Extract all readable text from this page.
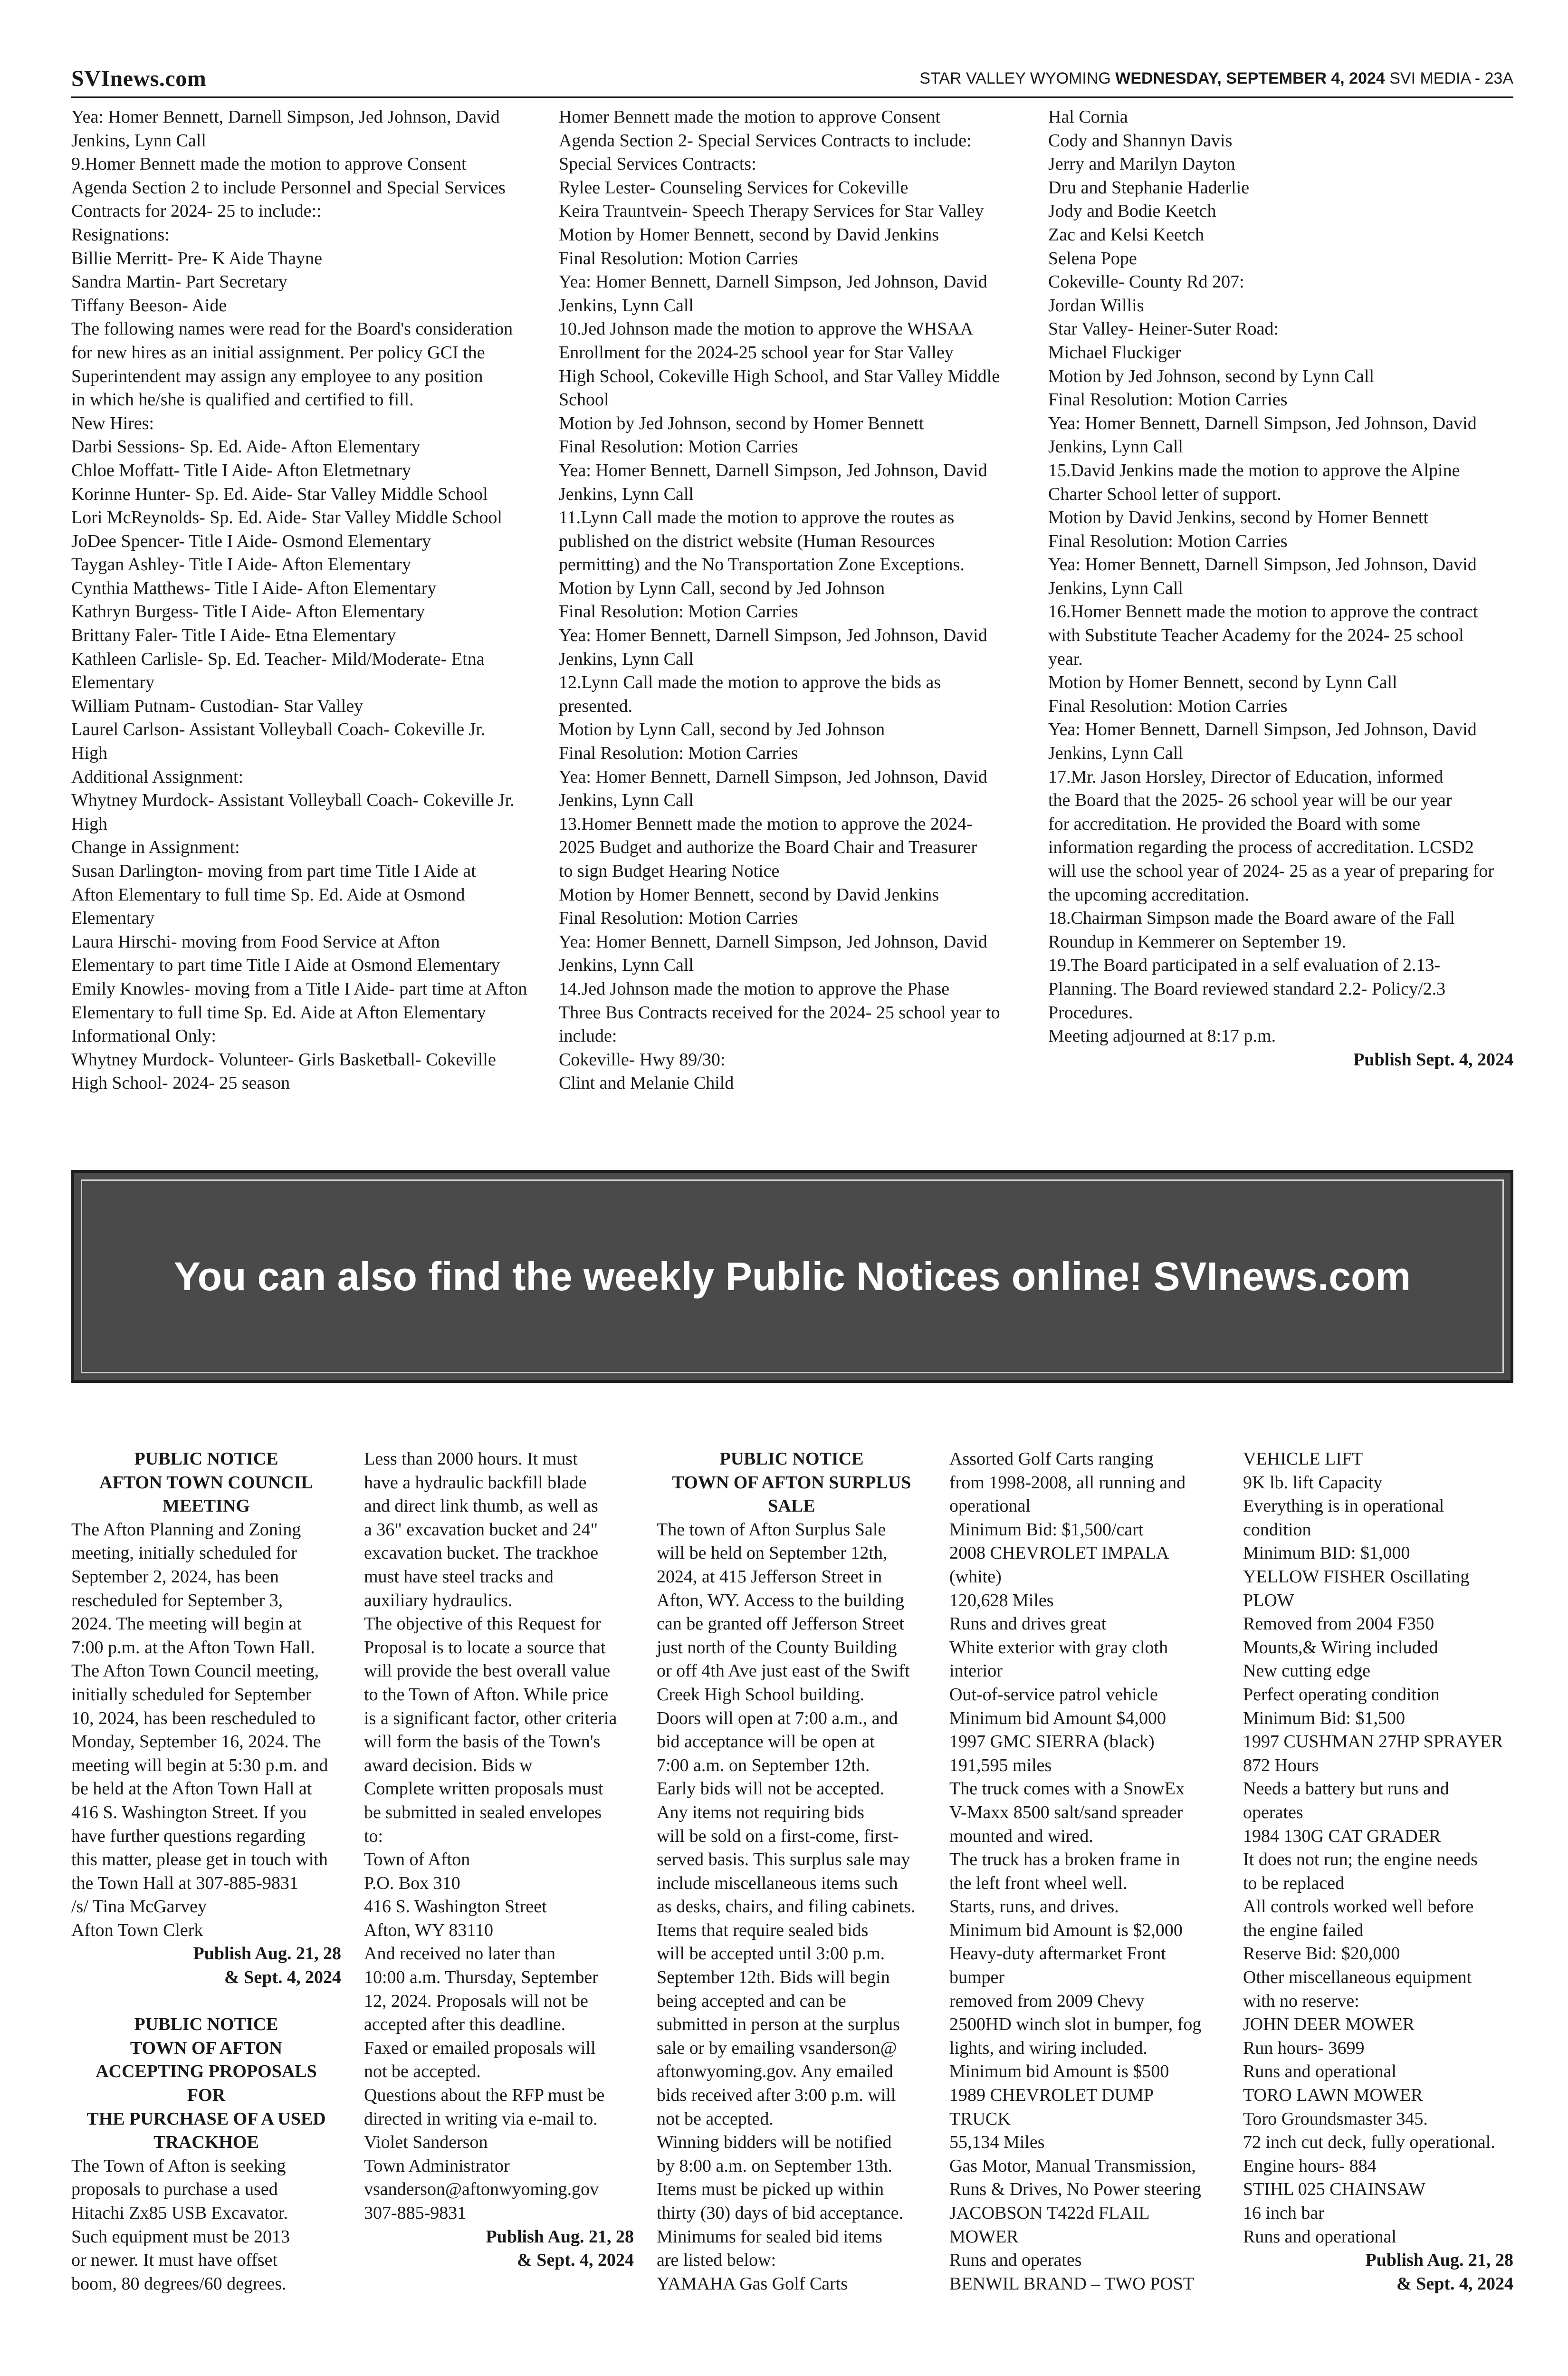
SVInews.com	STAR VALLEY WYOMING WEDNESDAY, SEPTEMBER 4, 2024 SVI MEDIA - 23A
Yea: Homer Bennett, Darnell Simpson, Jed Johnson, David
Jenkins, Lynn Call
9.Homer Bennett made the motion to approve Consent
Agenda Section 2 to include Personnel and Special Services
Contracts for 2024- 25 to include::
Resignations:
Billie Merritt- Pre- K Aide Thayne
Sandra Martin- Part Secretary
Tiffany Beeson- Aide
The following names were read for the Board's consideration
for new hires as an initial assignment. Per policy GCI the
Superintendent may assign any employee to any position
in which he/she is qualified and certified to fill.
New Hires:
Darbi Sessions- Sp. Ed. Aide- Afton Elementary
Chloe Moffatt- Title I Aide- Afton Eletmetnary
Korinne Hunter- Sp. Ed. Aide- Star Valley Middle School
Lori McReynolds- Sp. Ed. Aide- Star Valley Middle School
JoDee Spencer- Title I Aide- Osmond Elementary
Taygan Ashley- Title I Aide- Afton Elementary
Cynthia Matthews- Title I Aide- Afton Elementary
Kathryn Burgess- Title I Aide- Afton Elementary
Brittany Faler- Title I Aide- Etna Elementary
Kathleen Carlisle- Sp. Ed. Teacher- Mild/Moderate- Etna
Elementary
William Putnam- Custodian- Star Valley
Laurel Carlson- Assistant Volleyball Coach- Cokeville Jr.
High
Additional Assignment:
Whytney Murdock- Assistant Volleyball Coach- Cokeville Jr.
High
Change in Assignment:
Susan Darlington- moving from part time Title I Aide at
Afton Elementary to full time Sp. Ed. Aide at Osmond
Elementary
Laura Hirschi- moving from Food Service at Afton
Elementary to part time Title I Aide at Osmond Elementary
Emily Knowles- moving from a Title I Aide- part time at Afton
Elementary to full time Sp. Ed. Aide at Afton Elementary
Informational Only:
Whytney Murdock- Volunteer- Girls Basketball- Cokeville
High School- 2024- 25 season
Homer Bennett made the motion to approve Consent
Agenda Section 2- Special Services Contracts to include:
Special Services Contracts:
Rylee Lester- Counseling Services for Cokeville
Keira Trauntvein- Speech Therapy Services for Star Valley
Motion by Homer Bennett, second by David Jenkins
Final Resolution: Motion Carries
Yea: Homer Bennett, Darnell Simpson, Jed Johnson, David
Jenkins, Lynn Call
10.Jed Johnson made the motion to approve the WHSAA
Enrollment for the 2024-25 school year for Star Valley
High School, Cokeville High School, and Star Valley Middle
School
Motion by Jed Johnson, second by Homer Bennett
Final Resolution: Motion Carries
Yea: Homer Bennett, Darnell Simpson, Jed Johnson, David
Jenkins, Lynn Call
11.Lynn Call made the motion to approve the routes as
published on the district website (Human Resources
permitting) and the No Transportation Zone Exceptions.
Motion by Lynn Call, second by Jed Johnson
Final Resolution: Motion Carries
Yea: Homer Bennett, Darnell Simpson, Jed Johnson, David
Jenkins, Lynn Call
12.Lynn Call made the motion to approve the bids as
presented.
Motion by Lynn Call, second by Jed Johnson
Final Resolution: Motion Carries
Yea: Homer Bennett, Darnell Simpson, Jed Johnson, David
Jenkins, Lynn Call
13.Homer Bennett made the motion to approve the 2024-
2025 Budget and authorize the Board Chair and Treasurer
to sign Budget Hearing Notice
Motion by Homer Bennett, second by David Jenkins
Final Resolution: Motion Carries
Yea: Homer Bennett, Darnell Simpson, Jed Johnson, David
Jenkins, Lynn Call
14.Jed Johnson made the motion to approve the Phase
Three Bus Contracts received for the 2024- 25 school year to
include:
Cokeville- Hwy 89/30:
Clint and Melanie Child
Hal Cornia
Cody and Shannyn Davis
Jerry and Marilyn Dayton
Dru and Stephanie Haderlie
Jody and Bodie Keetch
Zac and Kelsi Keetch
Selena Pope
Cokeville- County Rd 207:
Jordan Willis
Star Valley- Heiner-Suter Road:
Michael Fluckiger
Motion by Jed Johnson, second by Lynn Call
Final Resolution: Motion Carries
Yea: Homer Bennett, Darnell Simpson, Jed Johnson, David
Jenkins, Lynn Call
15.David Jenkins made the motion to approve the Alpine
Charter School letter of support.
Motion by David Jenkins, second by Homer Bennett
Final Resolution: Motion Carries
Yea: Homer Bennett, Darnell Simpson, Jed Johnson, David
Jenkins, Lynn Call
16.Homer Bennett made the motion to approve the contract
with Substitute Teacher Academy for the 2024- 25 school
year.
Motion by Homer Bennett, second by Lynn Call
Final Resolution: Motion Carries
Yea: Homer Bennett, Darnell Simpson, Jed Johnson, David
Jenkins, Lynn Call
17.Mr. Jason Horsley, Director of Education, informed
the Board that the 2025- 26 school year will be our year
for accreditation. He provided the Board with some
information regarding the process of accreditation. LCSD2
will use the school year of 2024- 25 as a year of preparing for
the upcoming accreditation.
18.Chairman Simpson made the Board aware of the Fall
Roundup in Kemmerer on September 19.
19.The Board participated in a self evaluation of 2.13-
Planning. The Board reviewed standard 2.2- Policy/2.3
Procedures.
Meeting adjourned at 8:17 p.m.
Publish Sept. 4, 2024
You can also find the weekly Public Notices online! SVInews.com
PUBLIC NOTICE
AFTON TOWN COUNCIL
MEETING
The Afton Planning and Zoning
meeting, initially scheduled for
September 2, 2024, has been
rescheduled for September 3,
2024. The meeting will begin at
7:00 p.m. at the Afton Town Hall.
The Afton Town Council meeting,
initially scheduled for September
10, 2024, has been rescheduled to
Monday, September 16, 2024. The
meeting will begin at 5:30 p.m. and
be held at the Afton Town Hall at
416 S. Washington Street. If you
have further questions regarding
this matter, please get in touch with
the Town Hall at 307-885-9831
/s/ Tina McGarvey
Afton Town Clerk
Publish Aug. 21, 28
& Sept. 4, 2024
PUBLIC NOTICE
TOWN OF AFTON
ACCEPTING PROPOSALS
FOR
THE PURCHASE OF A USED
TRACKHOE
The Town of Afton is seeking
proposals to purchase a used
Hitachi Zx85 USB Excavator.
Such equipment must be 2013
or newer. It must have offset
boom, 80 degrees/60 degrees.
Less than 2000 hours. It must
have a hydraulic backfill blade
and direct link thumb, as well as
a 36" excavation bucket and 24"
excavation bucket. The trackhoe
must have steel tracks and
auxiliary hydraulics.
The objective of this Request for
Proposal is to locate a source that
will provide the best overall value
to the Town of Afton. While price
is a significant factor, other criteria
will form the basis of the Town's
award decision. Bids w
Complete written proposals must
be submitted in sealed envelopes
to:
Town of Afton
P.O. Box 310
416 S. Washington Street
Afton, WY 83110
And received no later than
10:00 a.m. Thursday, September
12, 2024. Proposals will not be
accepted after this deadline.
Faxed or emailed proposals will
not be accepted.
Questions about the RFP must be
directed in writing via e-mail to.
Violet Sanderson
Town Administrator
vsanderson@aftonwyoming.gov
307-885-9831
Publish Aug. 21, 28
& Sept. 4, 2024
PUBLIC NOTICE
TOWN OF AFTON SURPLUS
SALE
The town of Afton Surplus Sale
will be held on September 12th,
2024, at 415 Jefferson Street in
Afton, WY. Access to the building
can be granted off Jefferson Street
just north of the County Building
or off 4th Ave just east of the Swift
Creek High School building.
Doors will open at 7:00 a.m., and
bid acceptance will be open at
7:00 a.m. on September 12th.
Early bids will not be accepted.
Any items not requiring bids
will be sold on a first-come, first-
served basis. This surplus sale may
include miscellaneous items such
as desks, chairs, and filing cabinets.
Items that require sealed bids
will be accepted until 3:00 p.m.
September 12th. Bids will begin
being accepted and can be
submitted in person at the surplus
sale or by emailing vsanderson@
aftonwyoming.gov. Any emailed
bids received after 3:00 p.m. will
not be accepted.
Winning bidders will be notified
by 8:00 a.m. on September 13th.
Items must be picked up within
thirty (30) days of bid acceptance.
Minimums for sealed bid items
are listed below:
YAMAHA Gas Golf Carts
Assorted Golf Carts ranging
from 1998-2008, all running and
operational
Minimum Bid: $1,500/cart
2008 CHEVROLET IMPALA
(white)
120,628 Miles
Runs and drives great
White exterior with gray cloth
interior
Out-of-service patrol vehicle
Minimum bid Amount $4,000
1997 GMC SIERRA (black)
191,595 miles
The truck comes with a SnowEx
V-Maxx 8500 salt/sand spreader
mounted and wired.
The truck has a broken frame in
the left front wheel well.
Starts, runs, and drives.
Minimum bid Amount is $2,000
Heavy-duty aftermarket Front
bumper
removed from 2009 Chevy
2500HD winch slot in bumper, fog
lights, and wiring included.
Minimum bid Amount is $500
1989 CHEVROLET DUMP
TRUCK
55,134 Miles
Gas Motor, Manual Transmission,
Runs & Drives, No Power steering
JACOBSON T422d FLAIL
MOWER
Runs and operates
BENWIL BRAND – TWO POST
VEHICLE LIFT
9K lb. lift Capacity
Everything is in operational
condition
Minimum BID: $1,000
YELLOW FISHER Oscillating
PLOW
Removed from 2004 F350
Mounts,& Wiring included
New cutting edge
Perfect operating condition
Minimum Bid: $1,500
1997 CUSHMAN 27HP SPRAYER
872 Hours
Needs a battery but runs and
operates
1984 130G CAT GRADER
It does not run; the engine needs
to be replaced
All controls worked well before
the engine failed
Reserve Bid: $20,000
Other miscellaneous equipment
with no reserve:
JOHN DEER MOWER
Run hours- 3699
Runs and operational
TORO LAWN MOWER
Toro Groundsmaster 345.
72 inch cut deck, fully operational.
Engine hours- 884
STIHL 025 CHAINSAW
16 inch bar
Runs and operational
Publish Aug. 21, 28
& Sept. 4, 2024
